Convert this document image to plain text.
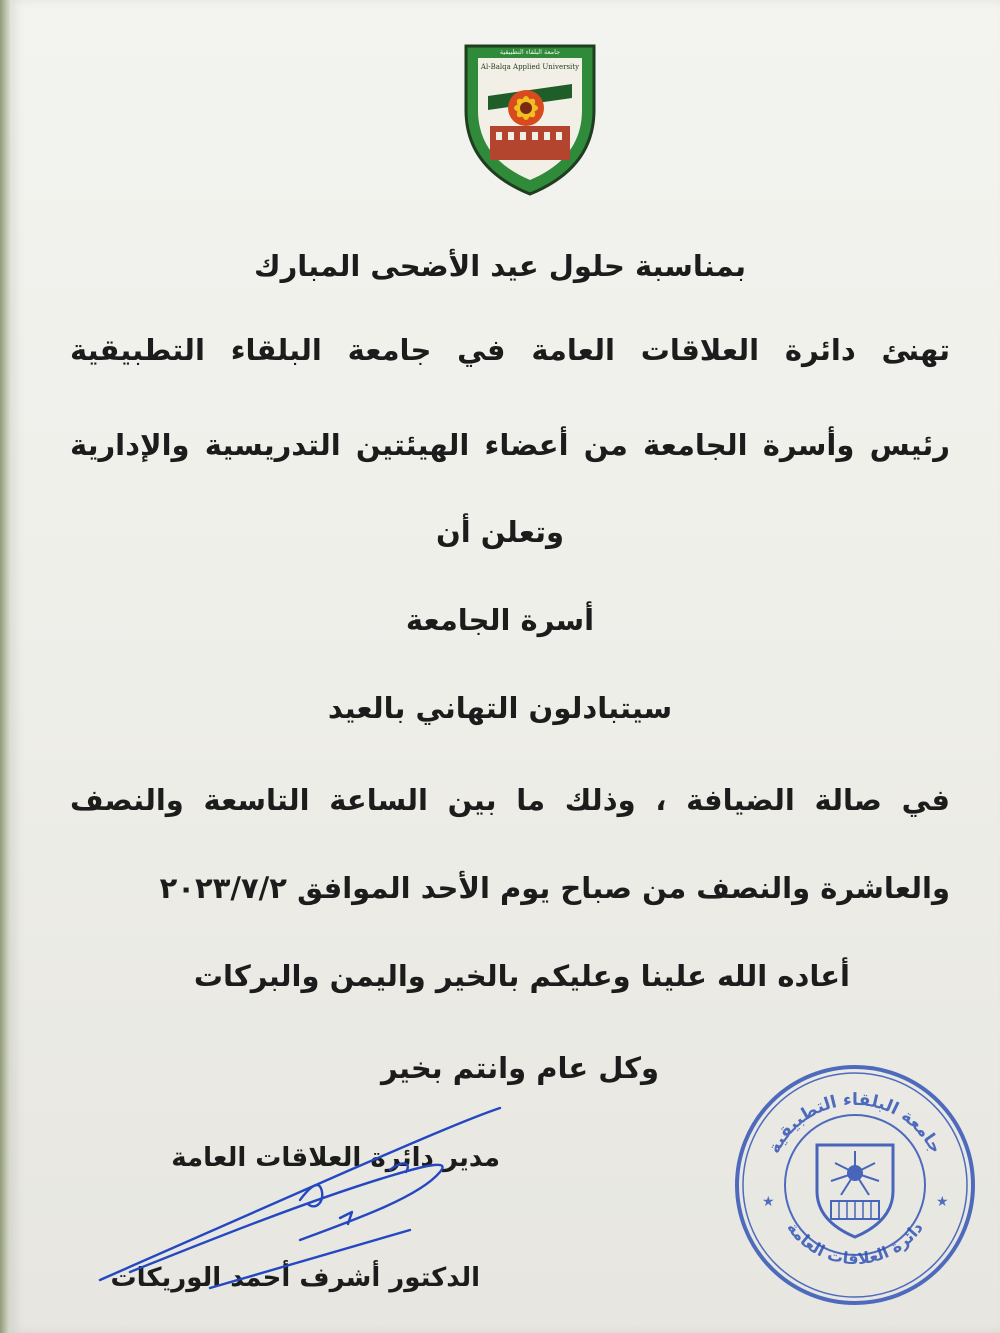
جامعة البلقاء التطبيقية
Al-Balqa Applied University
بمناسبة حلول عيد الأضحى المبارك
تهنئ دائرة العلاقات العامة في جامعة البلقاء التطبيقية
رئيس وأسرة الجامعة من أعضاء الهيئتين التدريسية والإدارية
وتعلن أن
أسرة الجامعة
سيتبادلون التهاني بالعيد
في صالة الضيافة ، وذلك ما بين الساعة التاسعة والنصف
والعاشرة والنصف من صباح يوم الأحد الموافق ٢٠٢٣/٧/٢
أعاده الله علينا وعليكم بالخير واليمن والبركات
وكل عام وانتم بخير
مدير دائرة العلاقات العامة
الدكتور أشرف أحمد الوريكات
جامعة البلقاء التطبيقية
دائرة العلاقات العامة
★	★
